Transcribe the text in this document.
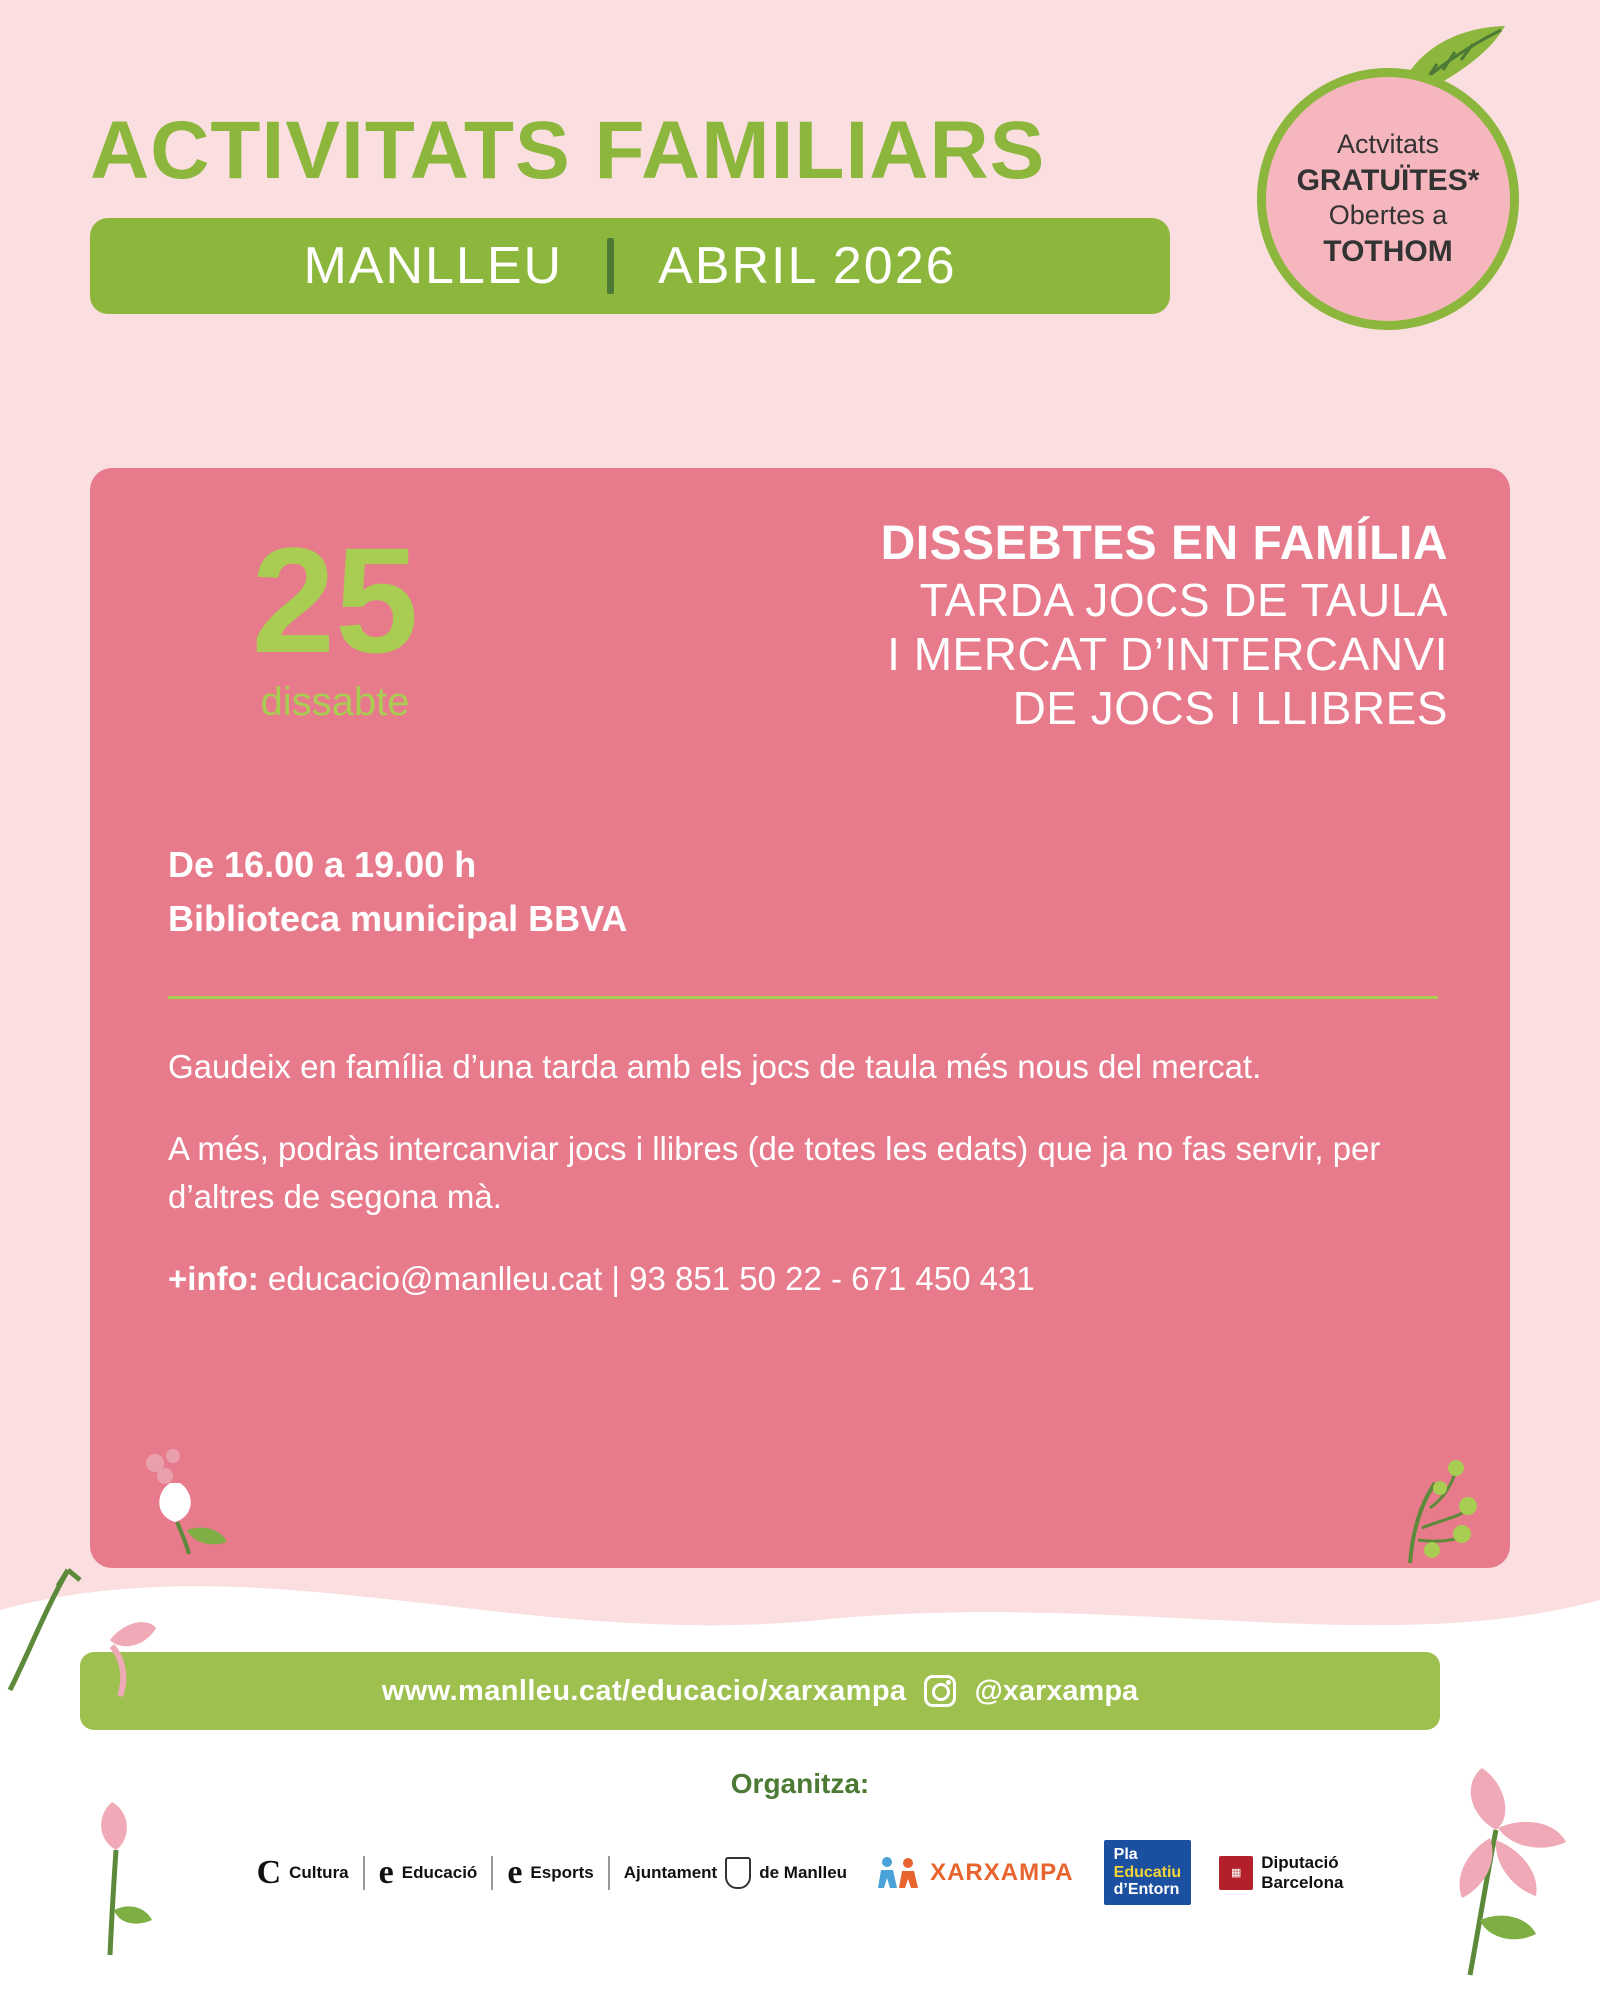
ACTIVITATS FAMILIARS
MANLLEU ABRIL 2026
Actvitats
GRATUÏTES*
Obertes a
TOTHOM
25
dissabte
DISSEBTES EN FAMÍLIA
TARDA JOCS DE TAULA
I MERCAT D’INTERCANVI
DE JOCS I LLIBRES
De 16.00 a 19.00 h
Biblioteca municipal BBVA

Gaudeix en família d’una tarda amb els jocs de taula més nous del mercat.

A més, podràs intercanviar jocs i llibres (de totes les edats) que ja no fas servir, per d’altres de segona mà.

+info: educacio@manlleu.cat | 93 851 50 22 - 671 450 431

www.manlleu.cat/educacio/xarxampa @xarxampa
Organitza:
C Cultura e Educació e Esports Ajuntament de Manlleu	XARXAMPA
Pla
Educatiu
d’Entorn
▦
Diputació
Barcelona
